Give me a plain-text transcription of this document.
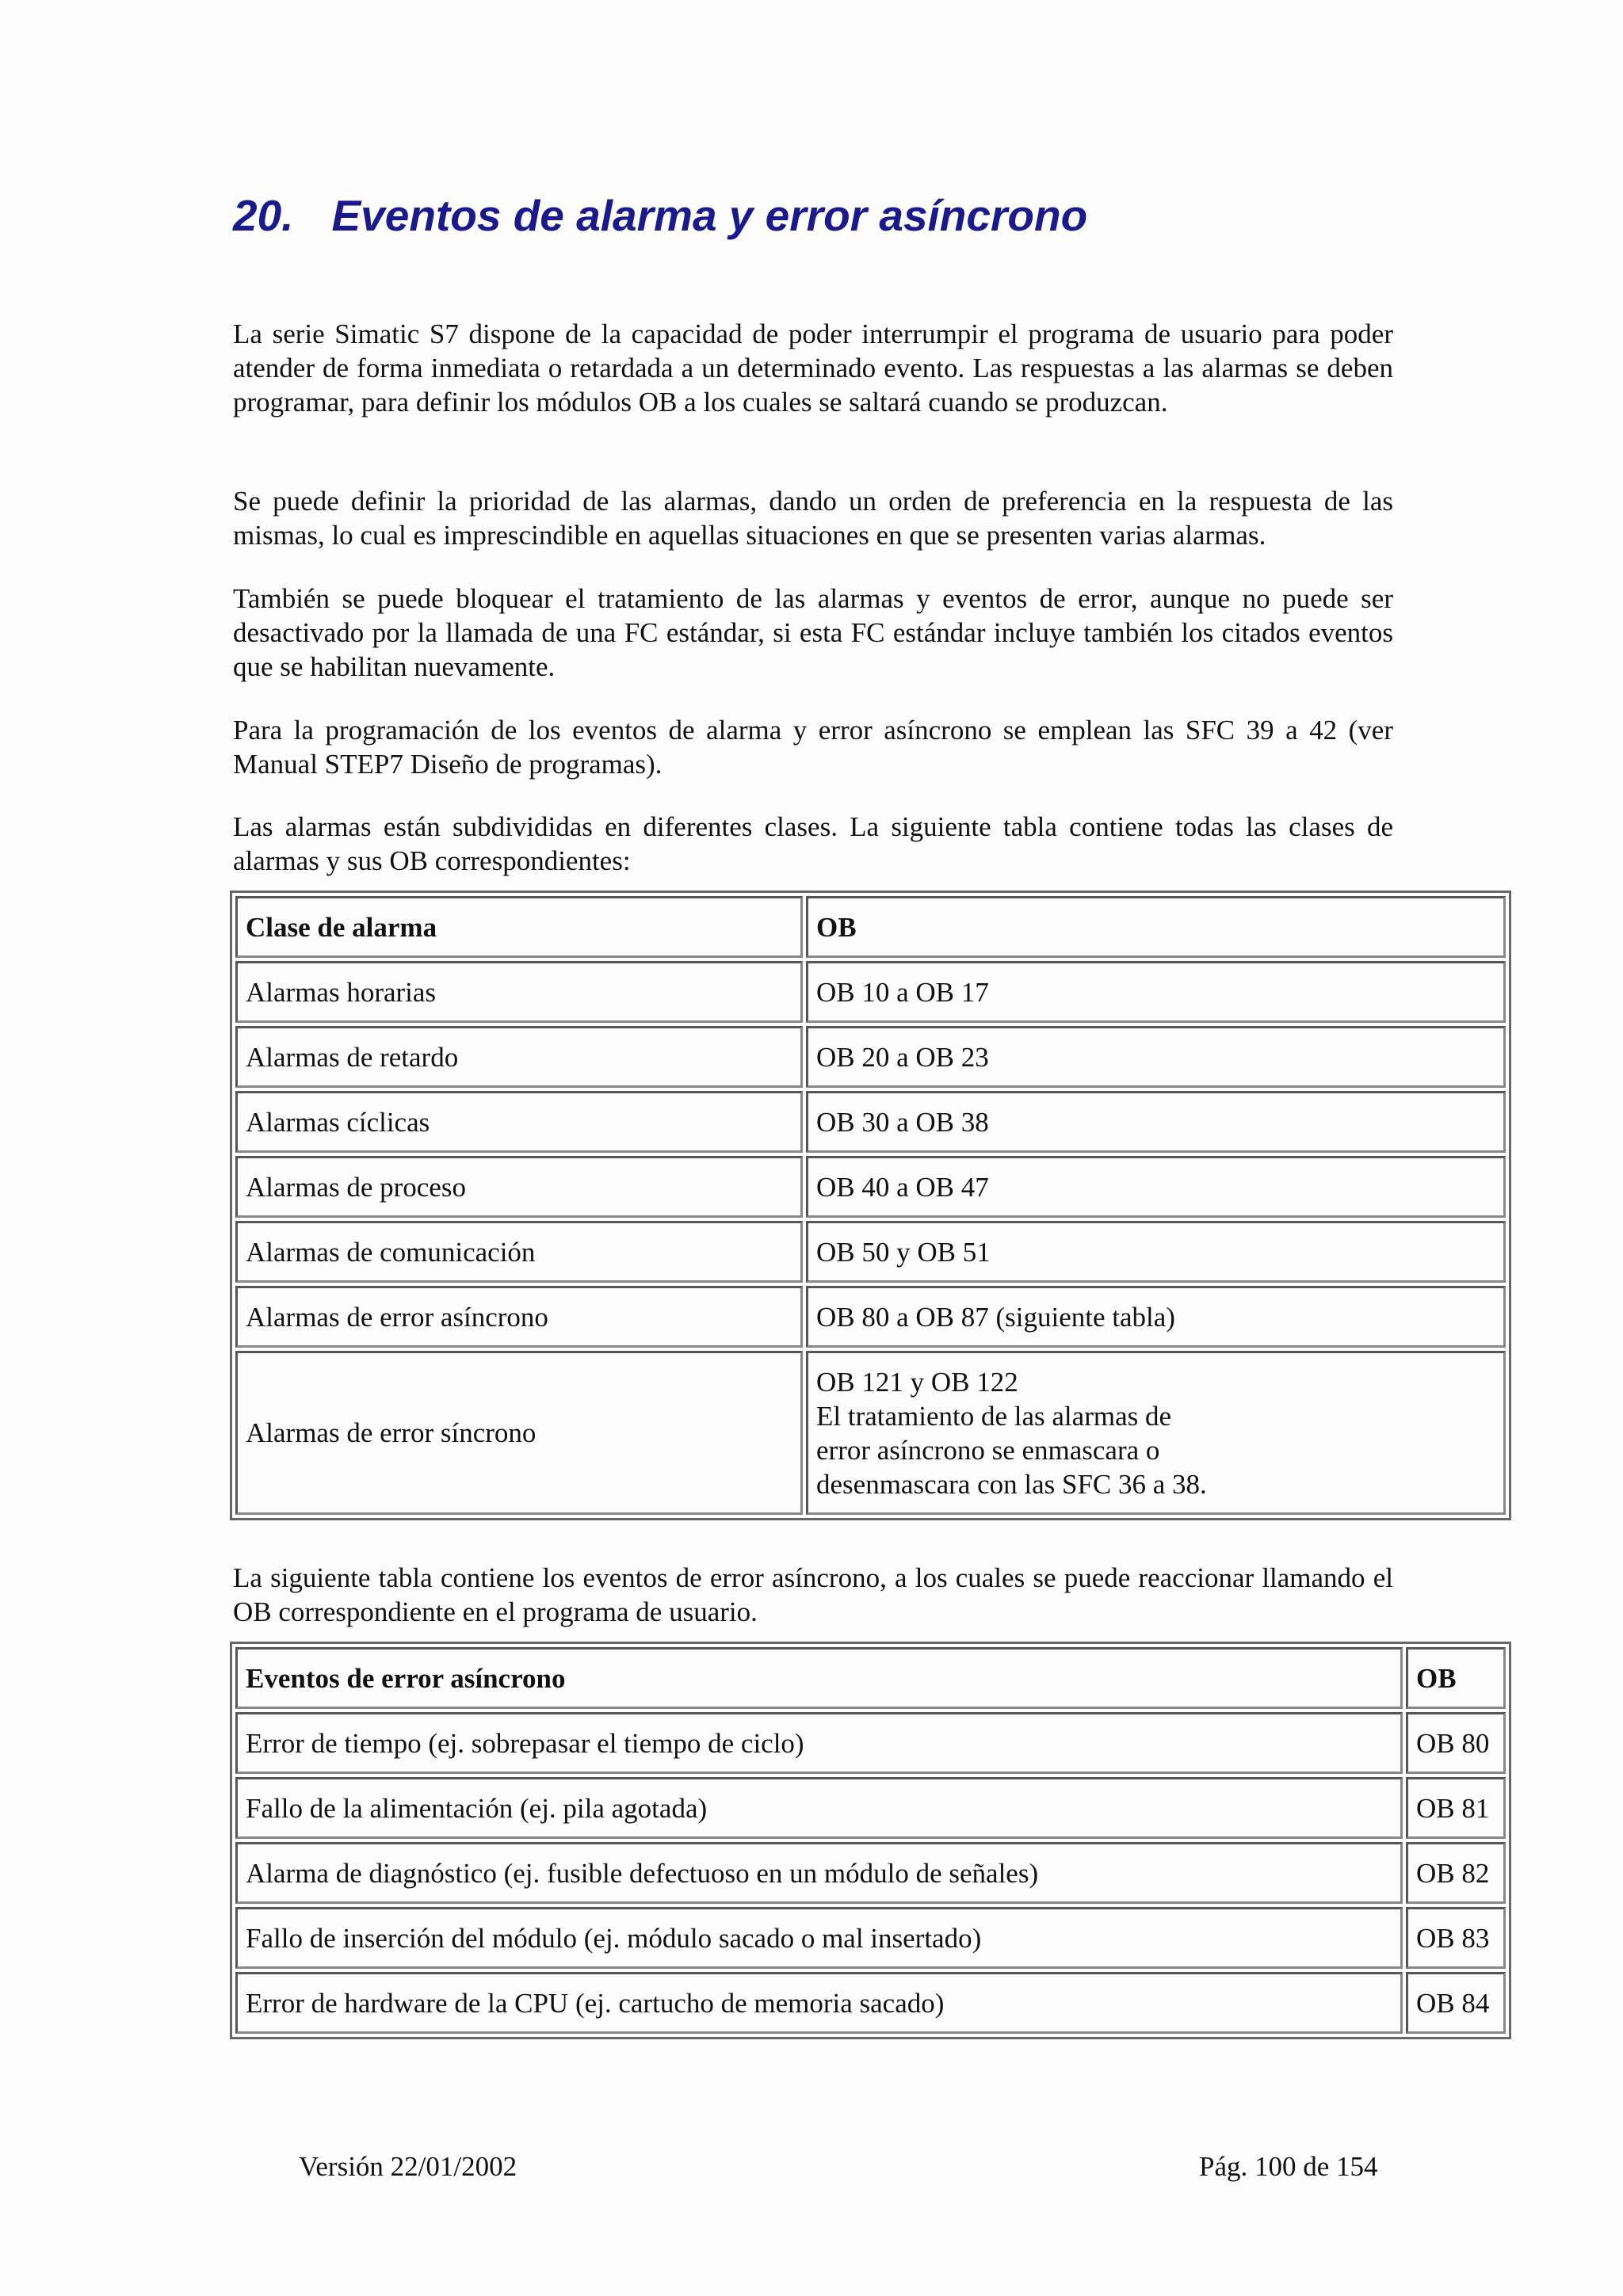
20. Eventos de alarma y error asíncrono

La serie Simatic S7 dispone de la capacidad de poder interrumpir el programa de usuario para poder atender de forma inmediata o retardada a un determinado evento. Las respuestas a las alarmas se deben programar, para definir los módulos OB a los cuales se saltará cuando se produzcan.

Se puede definir la prioridad de las alarmas, dando un orden de preferencia en la respuesta de las mismas, lo cual es imprescindible en aquellas situaciones en que se presenten varias alarmas.

También se puede bloquear el tratamiento de las alarmas y eventos de error, aunque no puede ser desactivado por la llamada de una FC estándar, si esta FC estándar incluye también los citados eventos que se habilitan nuevamente.

Para la programación de los eventos de alarma y error asíncrono se emplean las SFC 39 a 42 (ver Manual STEP7 Diseño de programas).

Las alarmas están subdivididas en diferentes clases. La siguiente tabla contiene todas las clases de alarmas y sus OB correspondientes:

Clase de alarma	OB
Alarmas horarias	OB 10 a OB 17
Alarmas de retardo	OB 20 a OB 23
Alarmas cíclicas	OB 30 a OB 38
Alarmas de proceso	OB 40 a OB 47
Alarmas de comunicación	OB 50 y OB 51
Alarmas de error asíncrono	OB 80 a OB 87 (siguiente tabla)
Alarmas de error síncrono	OB 121 y OB 122
El tratamiento de las alarmas de
error asíncrono se enmascara o
desenmascara con las SFC 36 a 38.

La siguiente tabla contiene los eventos de error asíncrono, a los cuales se puede reaccionar llamando el OB correspondiente en el programa de usuario.

Eventos de error asíncrono	OB
Error de tiempo (ej. sobrepasar el tiempo de ciclo)	OB 80
Fallo de la alimentación (ej. pila agotada)	OB 81
Alarma de diagnóstico (ej. fusible defectuoso en un módulo de señales)	OB 82
Fallo de inserción del módulo (ej. módulo sacado o mal insertado)	OB 83
Error de hardware de la CPU (ej. cartucho de memoria sacado)	OB 84
Versión 22/01/2002	Pág. 100 de 154
